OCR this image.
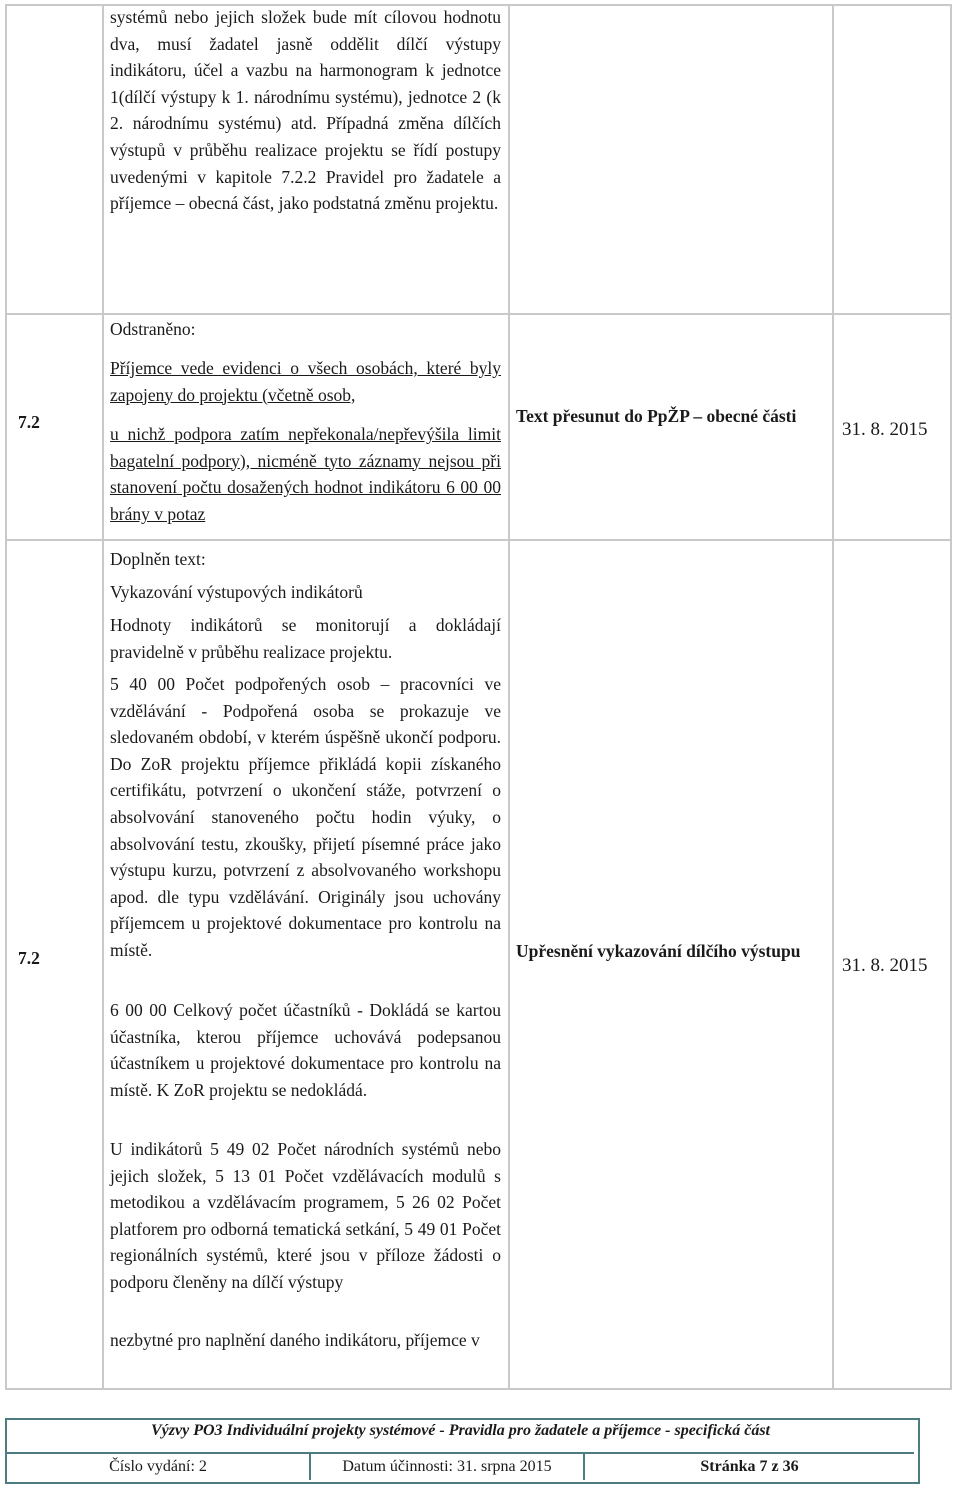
systémů nebo jejich složek bude mít cílovou hodnotu dva, musí žadatel jasně oddělit dílčí výstupy indikátoru, účel a vazbu na harmonogram k jednotce 1(dílčí výstupy k 1. národnímu systému), jednotce 2 (k 2. národnímu systému) atd. Případná změna dílčích výstupů v průběhu realizace projektu se řídí postupy uvedenými v kapitole 7.2.2 Pravidel pro žadatele a příjemce – obecná část, jako podstatná změnu projektu.
7.2
Odstraněno:
Příjemce vede evidenci o všech osobách, které byly zapojeny do projektu (včetně osob,
u nichž podpora zatím nepřekonala/nepřevýšila limit bagatelní podpory), nicméně tyto záznamy nejsou při stanovení počtu dosažených hodnot indikátoru 6 00 00 brány v potaz
Text přesunut do PpŽP – obecné části
31. 8. 2015
7.2
Doplněn text:
Vykazování výstupových indikátorů
Hodnoty indikátorů se monitorují a dokládají pravidelně v průběhu realizace projektu.
5 40 00 Počet podpořených osob – pracovníci ve vzdělávání - Podpořená osoba se prokazuje ve sledovaném období, v kterém úspěšně ukončí podporu. Do ZoR projektu příjemce přikládá kopii získaného certifikátu, potvrzení o ukončení stáže, potvrzení o absolvování stanoveného počtu hodin výuky, o absolvování testu, zkoušky, přijetí písemné práce jako výstupu kurzu, potvrzení z absolvovaného workshopu apod. dle typu vzdělávání. Originály jsou uchovány příjemcem u projektové dokumentace pro kontrolu na místě.
6 00 00 Celkový počet účastníků - Dokládá se kartou účastníka, kterou příjemce uchovává podepsanou účastníkem u projektové dokumentace pro kontrolu na místě. K ZoR projektu se nedokládá.
U indikátorů 5 49 02 Počet národních systémů nebo jejich složek, 5 13 01 Počet vzdělávacích modulů s metodikou a vzdělávacím programem, 5 26 02 Počet platforem pro odborná tematická setkání, 5 49 01 Počet regionálních systémů, které jsou v příloze žádosti o podporu členěny na dílčí výstupy
nezbytné pro naplnění daného indikátoru, příjemce v
Upřesnění vykazování dílčího výstupu
31. 8. 2015
Výzvy PO3 Individuální projekty systémové - Pravidla pro žadatele a příjemce - specifická část
Číslo vydání: 2	Datum účinnosti: 31. srpna 2015	Stránka 7 z 36
